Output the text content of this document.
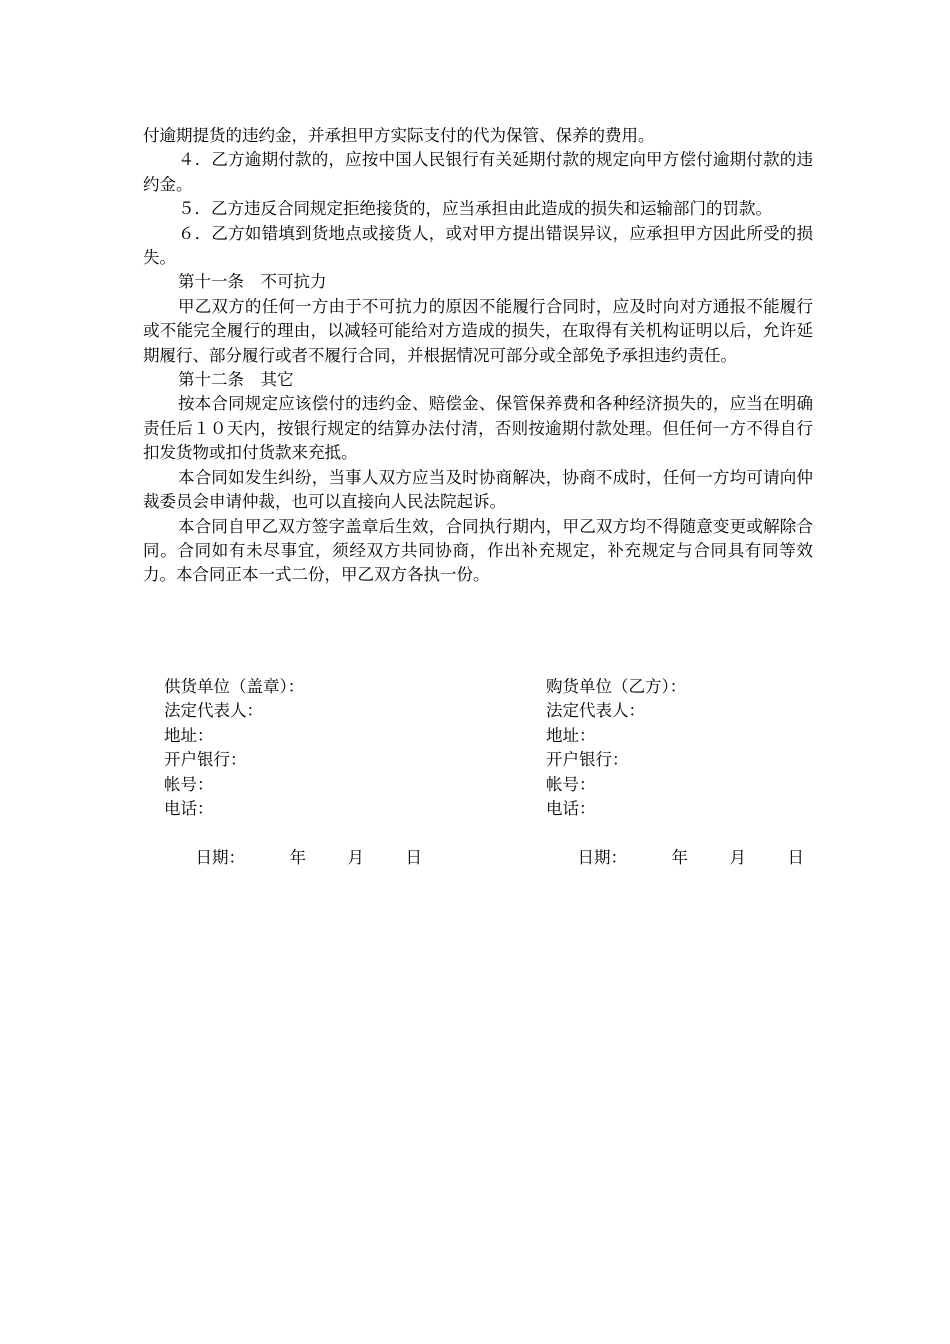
付逾期提货的违约金，并承担甲方实际支付的代为保管、保养的费用。

４．乙方逾期付款的，应按中国人民银行有关延期付款的规定向甲方偿付逾期付款的违约金。

５．乙方违反合同规定拒绝接货的，应当承担由此造成的损失和运输部门的罚款。

６．乙方如错填到货地点或接货人，或对甲方提出错误异议，应承担甲方因此所受的损失。

第十一条　不可抗力

甲乙双方的任何一方由于不可抗力的原因不能履行合同时，应及时向对方通报不能履行或不能完全履行的理由，以减轻可能给对方造成的损失，在取得有关机构证明以后，允许延期履行、部分履行或者不履行合同，并根据情况可部分或全部免予承担违约责任。

第十二条　其它

按本合同规定应该偿付的违约金、赔偿金、保管保养费和各种经济损失的，应当在明确责任后１０天内，按银行规定的结算办法付清，否则按逾期付款处理。但任何一方不得自行扣发货物或扣付货款来充抵。

本合同如发生纠纷，当事人双方应当及时协商解决，协商不成时，任何一方均可请向仲裁委员会申请仲裁，也可以直接向人民法院起诉。

本合同自甲乙双方签字盖章后生效，合同执行期内，甲乙双方均不得随意变更或解除合同。合同如有未尽事宜，须经双方共同协商，作出补充规定，补充规定与合同具有同等效力。本合同正本一式二份，甲乙双方各执一份。

供货单位（盖章）：
法定代表人：
地址：
开户银行：
帐号：
电话：

日期：	年	月	日

购货单位（乙方）：
法定代表人：
地址：
开户银行：
帐号：
电话：

日期：	年	月	日
